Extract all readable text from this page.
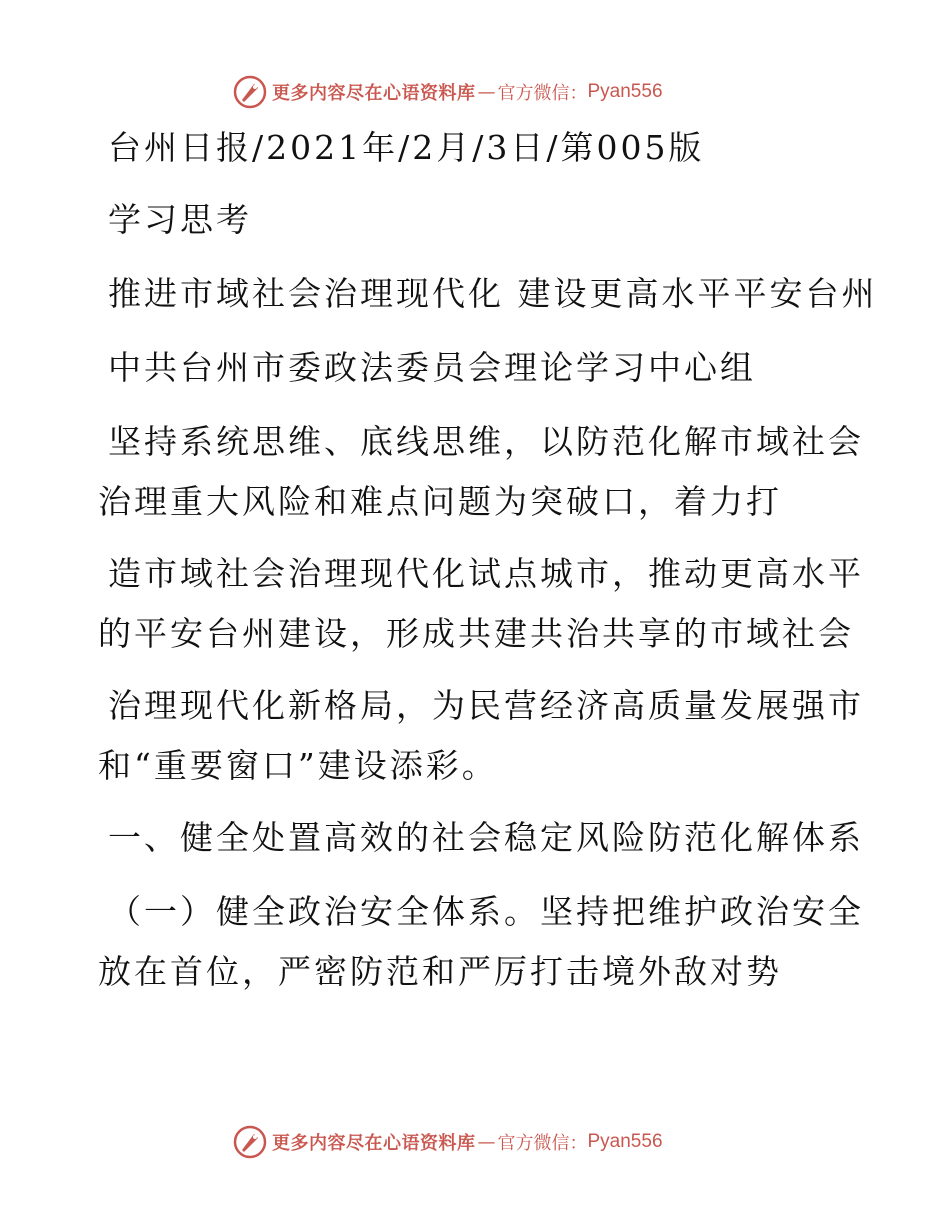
更多内容尽在心语资料库 — 官方微信： Pyan556
台州日报/2021年/2月/3日/第005版
学习思考
推进市域社会治理现代化 建设更高水平平安台州
中共台州市委政法委员会理论学习中心组
坚持系统思维、底线思维，以防范化解市域社会
治理重大风险和难点问题为突破口，着力打
造市域社会治理现代化试点城市，推动更高水平
的平安台州建设，形成共建共治共享的市域社会
治理现代化新格局，为民营经济高质量发展强市
和“重要窗口”建设添彩。
一、健全处置高效的社会稳定风险防范化解体系
（一）健全政治安全体系。坚持把维护政治安全
放在首位，严密防范和严厉打击境外敌对势
更多内容尽在心语资料库 — 官方微信： Pyan556
